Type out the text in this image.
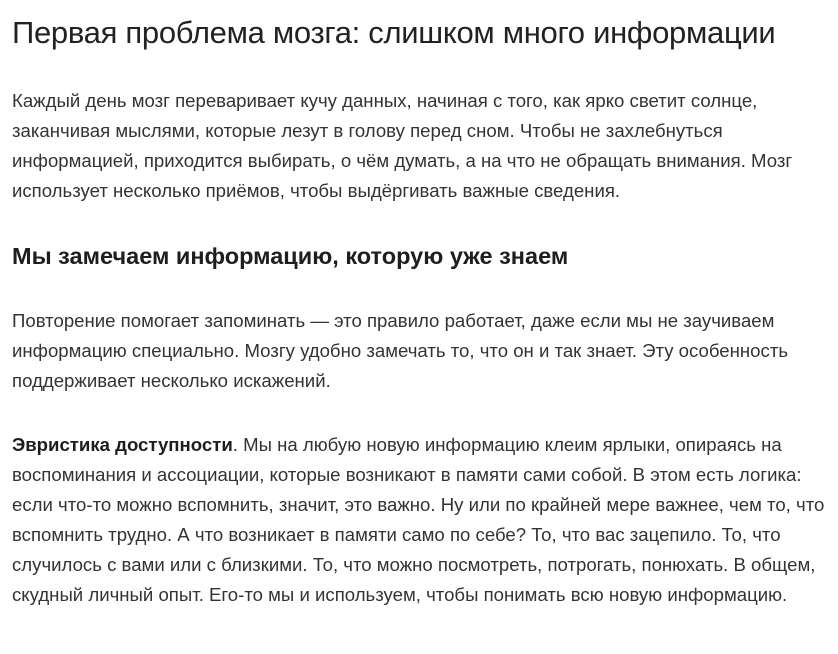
Первая проблема мозга: слишком много информации

Каждый день мозг переваривает кучу данных, начиная с того, как ярко светит солнце, заканчивая мыслями, которые лезут в голову перед сном. Чтобы не захлебнуться информацией, приходится выбирать, о чём думать, а на что не обращать внимания. Мозг использует несколько приёмов, чтобы выдёргивать важные сведения.

Мы замечаем информацию, которую уже знаем

Повторение помогает запоминать — это правило работает, даже если мы не заучиваем информацию специально. Мозгу удобно замечать то, что он и так знает. Эту особенность поддерживает несколько искажений.

Эвристика доступности. Мы на любую новую информацию клеим ярлыки, опираясь на воспоминания и ассоциации, которые возникают в памяти сами собой. В этом есть логика: если что-то можно вспомнить, значит, это важно. Ну или по крайней мере важнее, чем то, что вспомнить трудно. А что возникает в памяти само по себе? То, что вас зацепило. То, что случилось с вами или с близкими. То, что можно посмотреть, потрогать, понюхать. В общем, скудный личный опыт. Его-то мы и используем, чтобы понимать всю новую информацию.
